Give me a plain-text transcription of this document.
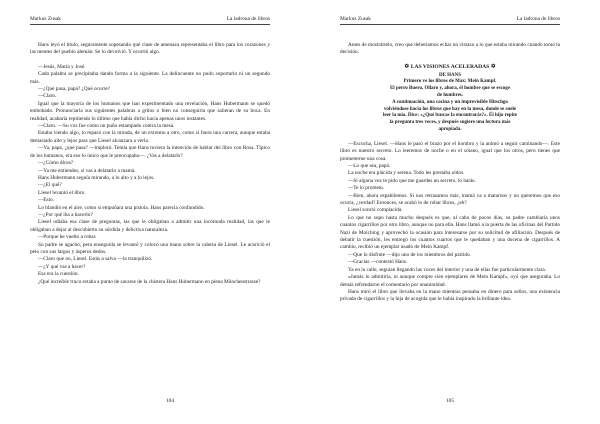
Markus Zusak	La ladrona de libros

Hans leyó el título, seguramente sopesando qué clase de amenaza representaba el libro para los corazones y las mentes del pueblo alemán. Se lo devolvió. Y ocurrió algo.

—Jesús, María y José.

Cada palabra se precipitaba dando forma a la siguiente. La delincuente no pudo soportarlo ni un segundo más.

—¿Qué pasa, papá? ¿Qué ocurre?

—Claro.

Igual que la mayoría de los humanos que han experimentado una revelación, Hans Hubermann se quedó embobado. Pronunciarla sus siguientes palabras a gritos o bien no conseguiría que salieran de su boca. En realidad, acabaría repitiendo lo último que había dicho hacía apenas unos instantes.

—Claro. —Su voz fue como un puño estampado contra la mesa.

Estaba viendo algo, lo repasó con la mirada, de un extremo a otro, como si fuera una carrera, aunque estaba demasiado alto y lejos para que Liesel alcanzara a verlo.

—Ya, papá, ¿qué pasa? —imploró. Temía que Hans tuviera la intención de hablar del libro con Rosa. Típico de los humanos, era eso lo único que le preocupaba—. ¿Vas a delatarlo?

—¿Cómo dices?

—Ya me entiendes, si vas a delatarlo a mamá.

Hans Hubermann seguía mirando, a lo alto y a lo lejos.

—¿El qué?

Liesel levantó el libro.

—Esto.

Lo blandió en el aire, como si empuñara una pistola. Hans parecía confundido.

—¿Por qué iba a hacerlo?

Liesel odiaba esa clase de preguntas, las que le obligaban a admitir una incómoda realidad, las que le obligaban a dejar al descubierto su sórdida y delictiva naturaleza.

—Porque he vuelto a robar.

Su padre se agachó, pero enseguida se levantó y colocó una mano sobre la cabeza de Liesel. Le acarició el pelo con sus largos y ásperos dedos.

—Claro que no, Liesel. Estás a salvo —la tranquilizó.

—¿Y qué vas a hacer?

Esa era la cuestión.

¿Qué increíble truco estaba a punto de sacarse de la chistera Hans Hubermann en plena Münchenstrasse?

104
Markus Zusak	La ladrona de libros

Antes de mostrártelo, creo que deberíamos echar un vistazo a lo que estaba mirando cuando tomó la decisión.

✡ LAS VISIONES ACELERADAS ✡
DE HANS
Primero ve los libros de Max: Mein Kampf.
El perro Buero, Ollaro y, ahora, él hombre que se escoge
de hombres.
A continuación, una cocina y un imprevisible Hitschgo
volviéndose hacia los libros que hay en la mesa, donde se suele
leer la mía. Dice: «¿Qué buscas la encontrarás?». Él hijo repite
la pregunta tres veces, y después sugiere una lectura más
apropiada.

—Escucha, Liesel. —Hans le pasó el brazo por el hombro y la animó a seguir caminando—. Este libro es nuestro secreto. Lo leeremos de noche o en el sótano, igual que los otros, pero tienes que prometerme una cosa.

—Lo que sea, papá.

La noche era plácida y serena. Todo les prestaba oídos.

—Si alguna vez te pido que me guardes un secreto, lo harás.

—Te lo prometo.

—Bien, ahora espabilemos. Si nos retrasamos más, mamá va a matarnos y no queremos que eso ocurra, ¿verdad? Entonces, se acabó lo de robar libros, ¿eh?

Liesel sonrió complacida.

Lo que no supo hasta mucho después es que, al cabo de pocos días, su padre cambiaría unos cuantos cigarrillos por otro libro, aunque no para ella. Hans llamó a la puerta de las oficinas del Partido Nazi de Molching y aprovechó la ocasión para interesarse por su solicitud de afiliación. Después de debatir la cuestión, les entregó los cuantos cuartos que le quedaban y una docena de cigarrillos. A cambio, recibió un ejemplar usado de Mein Kampf.

—Que lo disfrute —dijo uno de los miembros del partido.

—Gracias —contestó Hans.

Ya en la calle, seguían llegando las voces del interior y una de ellas fue particularmente clara.

«Jamás lo admitiría, ni aunque compre cien ejemplares de Mein Kampf», oyó que aseguraba. Lo demás refrendaron el comentario por unanimidad.

Hans miró el libro que llevaba en la mano mientras pensaba en dinero para sellos, una existencia privada de cigarrillos y la hija de acogida que le había inspirado la brillante idea.

105
